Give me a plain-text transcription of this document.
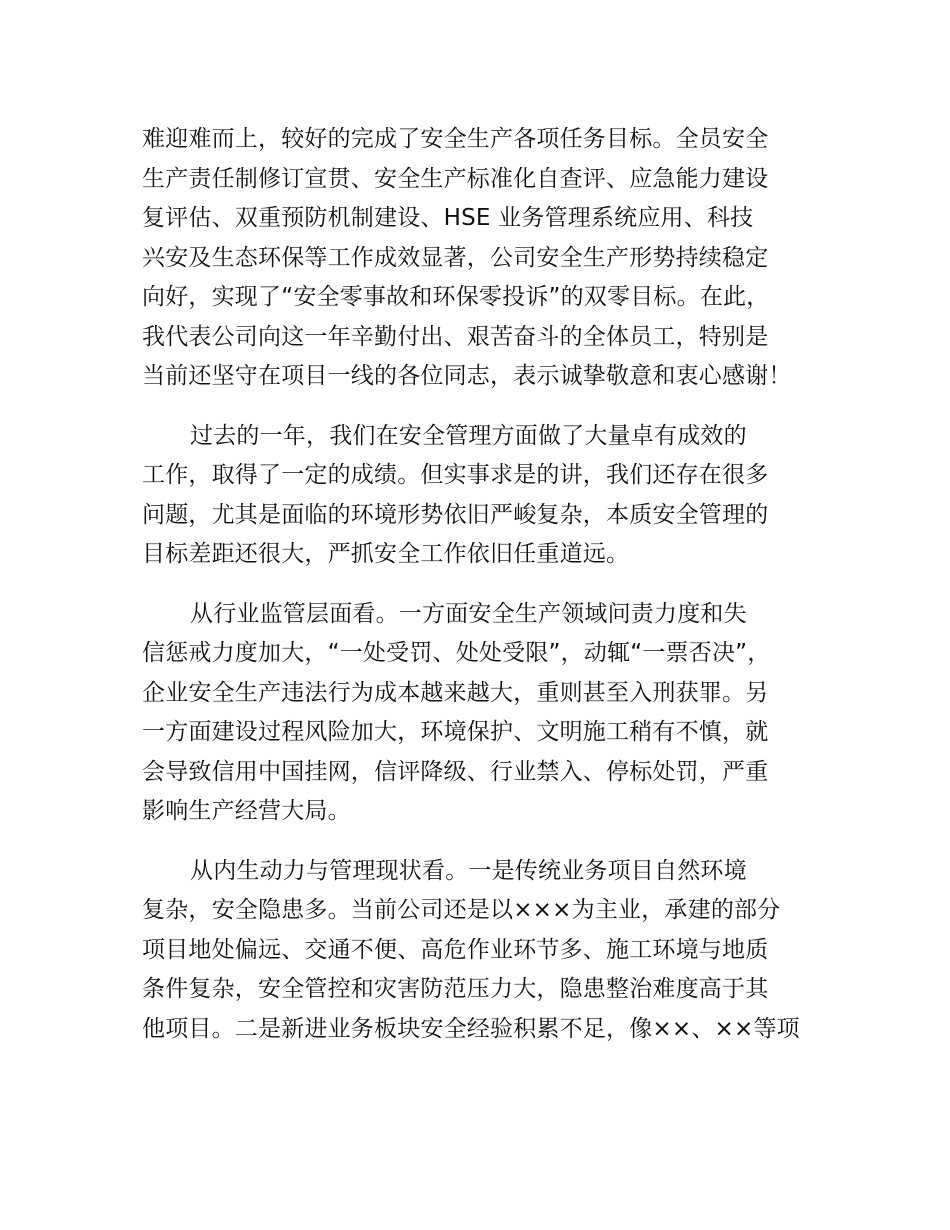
难迎难而上，较好的完成了安全生产各项任务目标。全员安全
生产责任制修订宣贯、安全生产标准化自查评、应急能力建设
复评估、双重预防机制建设、HSE 业务管理系统应用、科技
兴安及生态环保等工作成效显著，公司安全生产形势持续稳定
向好，实现了“安全零事故和环保零投诉”的双零目标。在此，
我代表公司向这一年辛勤付出、艰苦奋斗的全体员工，特别是
当前还坚守在项目一线的各位同志，表示诚挚敬意和衷心感谢！
过去的一年，我们在安全管理方面做了大量卓有成效的
工作，取得了一定的成绩。但实事求是的讲，我们还存在很多
问题，尤其是面临的环境形势依旧严峻复杂，本质安全管理的
目标差距还很大，严抓安全工作依旧任重道远。
从行业监管层面看。一方面安全生产领域问责力度和失
信惩戒力度加大，“一处受罚、处处受限”，动辄“一票否决”，
企业安全生产违法行为成本越来越大，重则甚至入刑获罪。另
一方面建设过程风险加大，环境保护、文明施工稍有不慎，就
会导致信用中国挂网，信评降级、行业禁入、停标处罚，严重
影响生产经营大局。
从内生动力与管理现状看。一是传统业务项目自然环境
复杂，安全隐患多。当前公司还是以×××为主业，承建的部分
项目地处偏远、交通不便、高危作业环节多、施工环境与地质
条件复杂，安全管控和灾害防范压力大，隐患整治难度高于其
他项目。二是新进业务板块安全经验积累不足，像××、××等项
